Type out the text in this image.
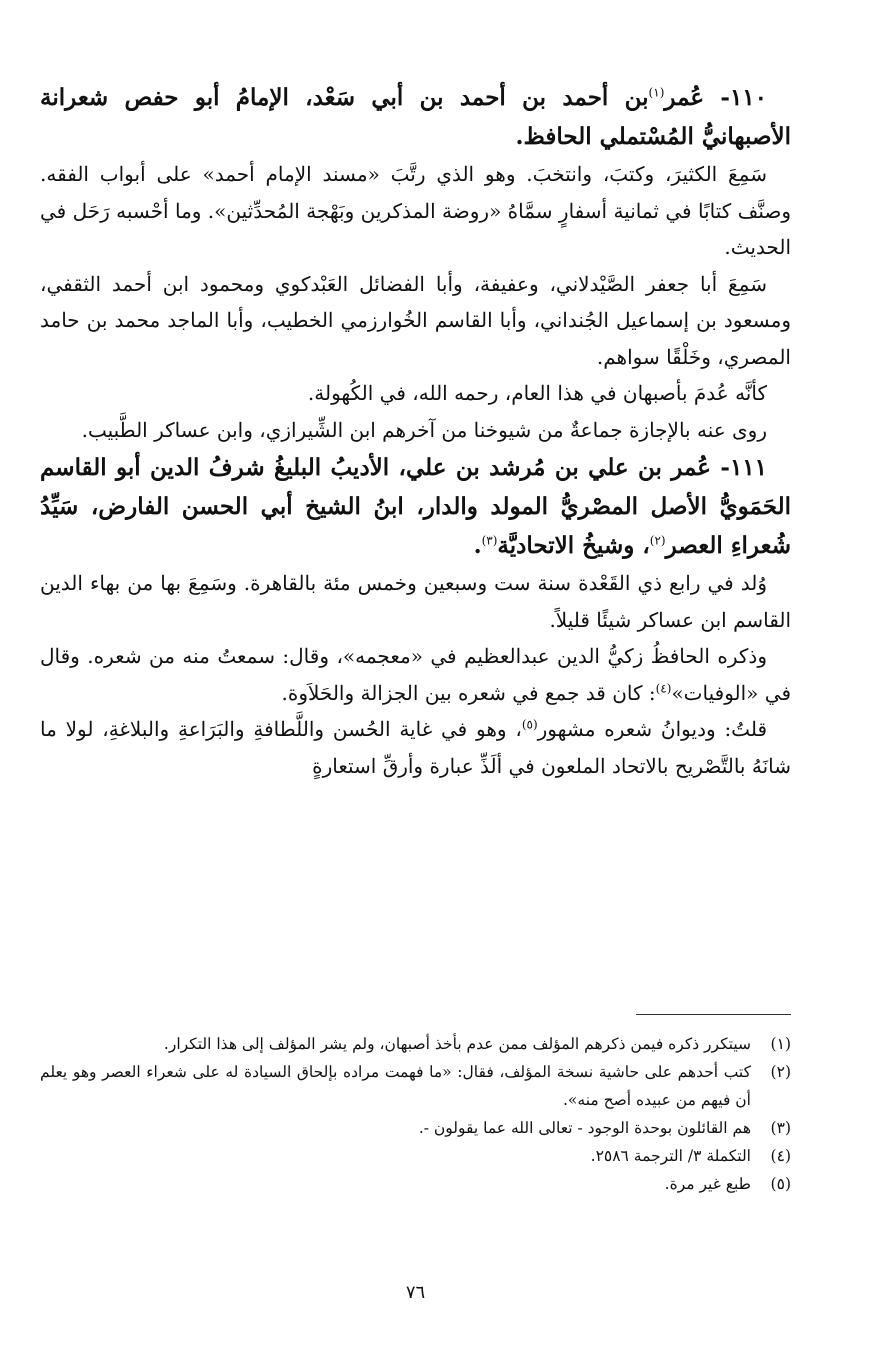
١١٠- عُمر$^{(١)}$بن أحمد بن أحمد بن أبي سَعْد، الإمامُ أبو حفص شعرانة الأصبهانيُّ المُسْتملي الحافظ.

سَمِعَ الكثيرَ، وكتبَ، وانتخبَ. وهو الذي رتَّبَ «مسند الإمام أحمد» على أبواب الفقه. وصنَّف كتابًا في ثمانية أسفارٍ سمَّاهُ «روضة المذكرين وبَهْجة المُحدِّثين». وما أحْسبه رَحَل في الحديث.

سَمِعَ أبا جعفر الصَّيْدلاني، وعفيفة، وأبا الفضائل العَبْدكوي ومحمود ابن أحمد الثقفي، ومسعود بن إسماعيل الجُنداني، وأبا القاسم الخُوارزمي الخطيب، وأبا الماجد محمد بن حامد المصري، وخَلْقًا سواهم.

كأنَّه عُدمَ بأصبهان في هذا العام، رحمه الله، في الكُهولة.

روى عنه بالإجازة جماعةٌ من شيوخنا من آخرهم ابن الشِّيرازي، وابن عساكر الطَّبيب.

١١١- عُمر بن علي بن مُرشد بن علي، الأديبُ البليغُ شرفُ الدين أبو القاسم الحَمَويُّ الأصل المصْريُّ المولد والدار، ابنُ الشيخ أبي الحسن الفارض، سَيِّدُ شُعراءِ العصر$^{(٢)}$، وشيخُ الاتحاديَّة$^{(٣)}$.

وُلد في رابع ذي القَعْدة سنة ست وسبعين وخمس مئة بالقاهرة. وسَمِعَ بها من بهاء الدين القاسم ابن عساكر شيئًا قليلاً.

وذكره الحافظُ زكيُّ الدين عبدالعظيم في «معجمه»، وقال: سمعتُ منه من شعره. وقال في «الوفيات»$^{(٤)}$: كان قد جمع في شعره بين الجزالة والحَلاَوة.

قلتُ: وديوانُ شعره مشهور$^{(٥)}$، وهو في غاية الحُسن واللَّطافةِ والبَرَاعةِ والبلاغةِ، لولا ما شانَهُ بالتَّصْريح بالاتحاد الملعون في ألَذِّ عبارة وأرقِّ استعارةٍ

(١)
سيتكرر ذكره فيمن ذكرهم المؤلف ممن عدم بأخذ أصبهان، ولم يشر المؤلف إلى هذا التكرار.
(٢)
كتب أحدهم على حاشية نسخة المؤلف، فقال: «ما فهمت مراده بإلحاق السيادة له على شعراء العصر وهو يعلم أن فيهم من عبيده أصح منه».
(٣)
هم القائلون بوحدة الوجود - تعالى الله عما يقولون -.
(٤)
التكملة ٣/ الترجمة ٢٥٨٦.
(٥)
طبع غير مرة.
٧٦
